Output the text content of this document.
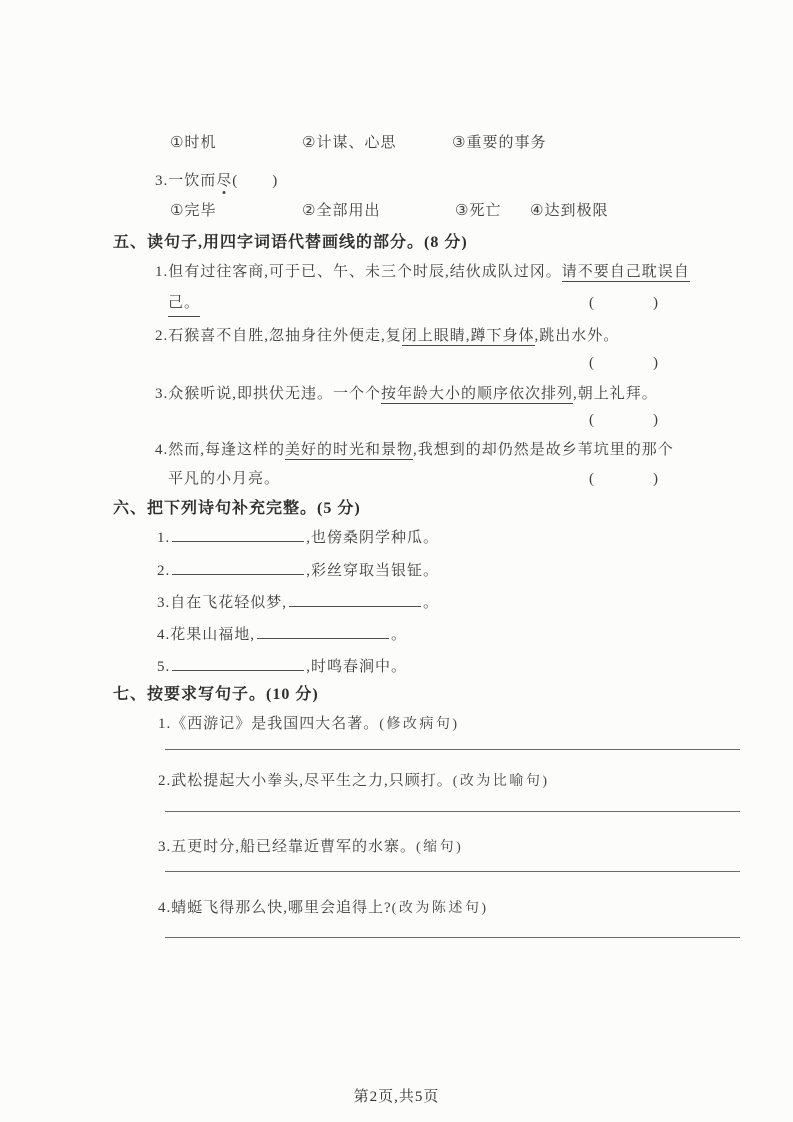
①时机	②计谋、心思	③重要的事务
3.一饮而尽 ( )
①完毕	②全部用出	③死亡	④达到极限
五、读句子,用四字词语代替画线的部分。(8 分)
1.但有过往客商,可于已、午、未三个时辰,结伙成队过冈。请不要自己耽误自
己。	(	)
2.石猴喜不自胜,忽抽身往外便走,复闭上眼睛,蹲下身体,跳出水外。
(	)
3.众猴听说,即拱伏无违。一个个按年龄大小的顺序依次排列,朝上礼拜。
(	)
4.然而,每逢这样的美好的时光和景物,我想到的却仍然是故乡苇坑里的那个
平凡的小月亮。	(	)
六、把下列诗句补充完整。(5 分)
1.	,也傍桑阴学种瓜。
2.	,彩丝穿取当银钲。
3.自在飞花轻似梦,	。
4.花果山福地,	。
5.	,时鸣春涧中。
七、按要求写句子。(10 分)
1.《西游记》是我国四大名著。(修改病句)
2.武松提起大小拳头,尽平生之力,只顾打。(改为比喻句)
3.五更时分,船已经靠近曹军的水寨。(缩句)
4.蜻蜓飞得那么快,哪里会追得上?(改为陈述句)
第2页,共5页
